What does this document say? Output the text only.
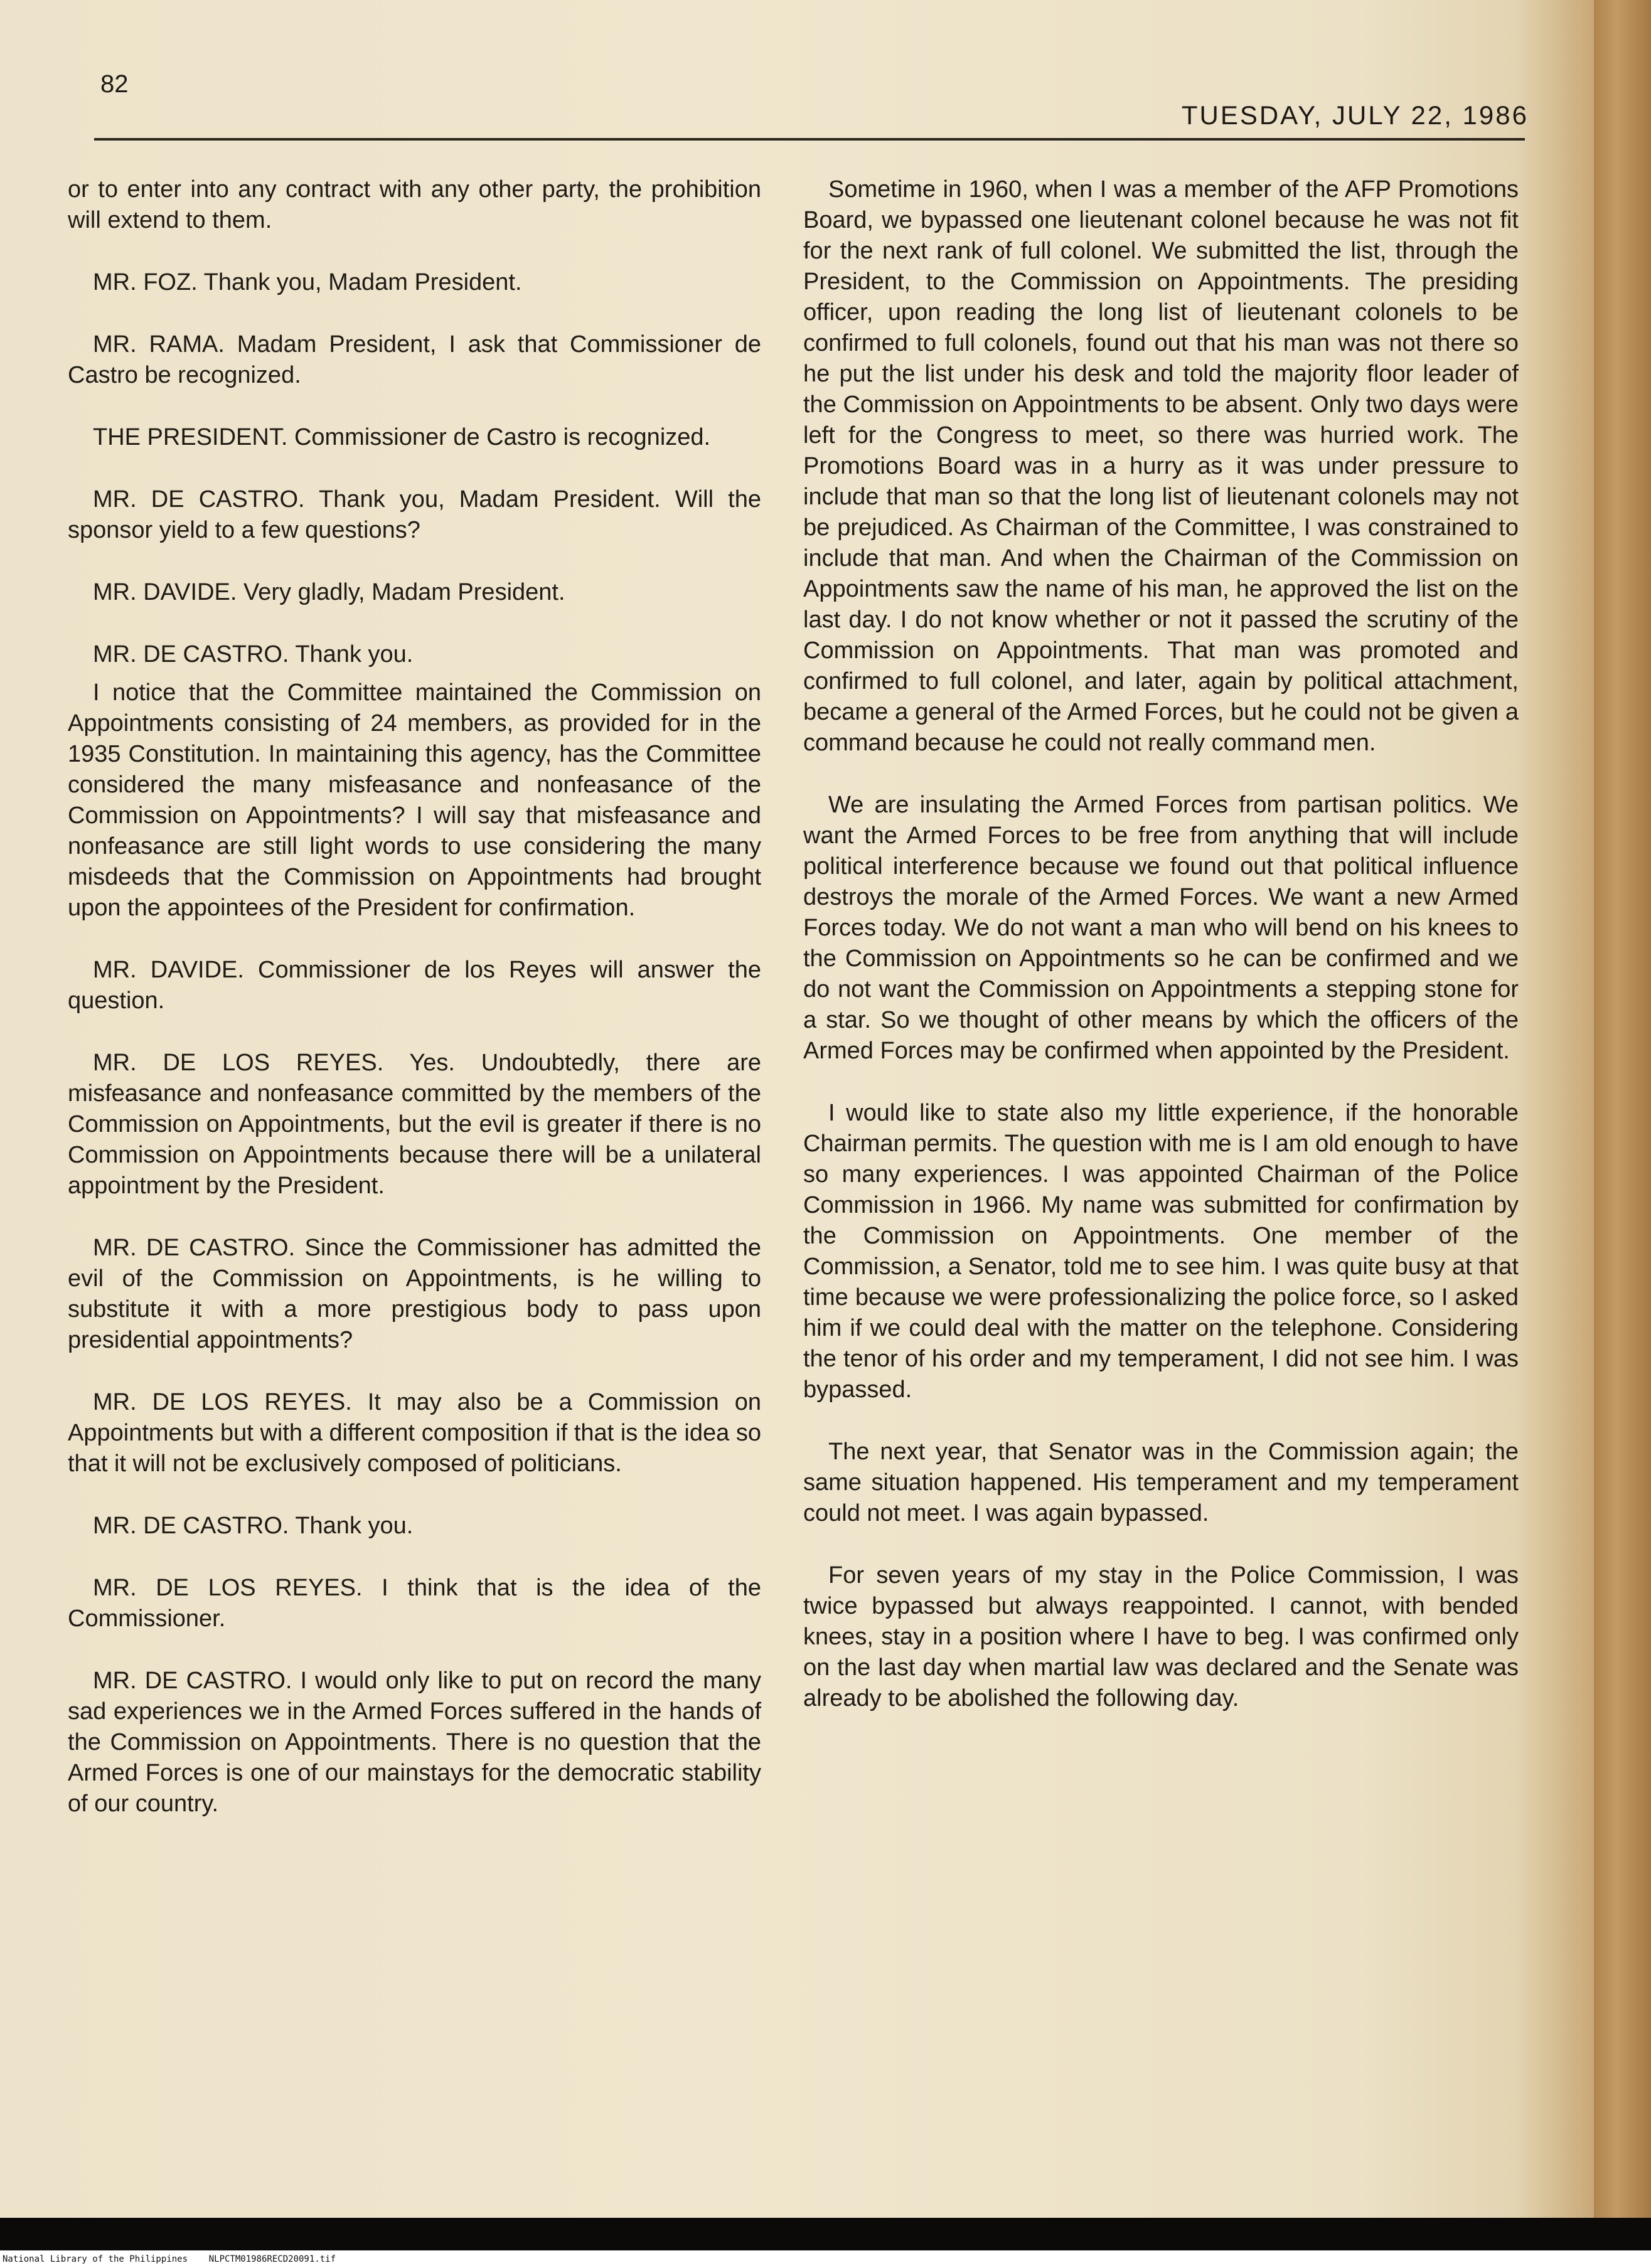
82
TUESDAY, JULY 22, 1986

or to enter into any contract with any other party, the prohibition will extend to them.

MR. FOZ. Thank you, Madam President.

MR. RAMA. Madam President, I ask that Commissioner de Castro be recognized.

THE PRESIDENT. Commissioner de Castro is recognized.

MR. DE CASTRO. Thank you, Madam President. Will the sponsor yield to a few questions?

MR. DAVIDE. Very gladly, Madam President.

MR. DE CASTRO. Thank you.

I notice that the Committee maintained the Commission on Appointments consisting of 24 members, as provided for in the 1935 Constitution. In maintaining this agency, has the Committee considered the many misfeasance and nonfeasance of the Commission on Appointments? I will say that misfeasance and nonfeasance are still light words to use considering the many misdeeds that the Commission on Appointments had brought upon the appointees of the President for confirmation.

MR. DAVIDE. Commissioner de los Reyes will answer the question.

MR. DE LOS REYES. Yes. Undoubtedly, there are misfeasance and nonfeasance committed by the members of the Commission on Appointments, but the evil is greater if there is no Commission on Appointments because there will be a unilateral appointment by the President.

MR. DE CASTRO. Since the Commissioner has admitted the evil of the Commission on Appointments, is he willing to substitute it with a more prestigious body to pass upon presidential appointments?

MR. DE LOS REYES. It may also be a Commission on Appointments but with a different composition if that is the idea so that it will not be exclusively composed of politicians.

MR. DE CASTRO. Thank you.

MR. DE LOS REYES. I think that is the idea of the Commissioner.

MR. DE CASTRO. I would only like to put on record the many sad experiences we in the Armed Forces suffered in the hands of the Commission on Appointments. There is no question that the Armed Forces is one of our mainstays for the democratic stability of our country.

Sometime in 1960, when I was a member of the AFP Promotions Board, we bypassed one lieutenant colonel because he was not fit for the next rank of full colonel. We submitted the list, through the President, to the Commission on Appointments. The presiding officer, upon reading the long list of lieutenant colonels to be confirmed to full colonels, found out that his man was not there so he put the list under his desk and told the majority floor leader of the Commission on Appointments to be absent. Only two days were left for the Congress to meet, so there was hurried work. The Promotions Board was in a hurry as it was under pressure to include that man so that the long list of lieutenant colonels may not be prejudiced. As Chairman of the Committee, I was constrained to include that man. And when the Chairman of the Commission on Appointments saw the name of his man, he approved the list on the last day. I do not know whether or not it passed the scrutiny of the Commission on Appointments. That man was promoted and confirmed to full colonel, and later, again by political attachment, became a general of the Armed Forces, but he could not be given a command because he could not really command men.

We are insulating the Armed Forces from partisan politics. We want the Armed Forces to be free from anything that will include political interference because we found out that political influence destroys the morale of the Armed Forces. We want a new Armed Forces today. We do not want a man who will bend on his knees to the Commission on Appointments so he can be confirmed and we do not want the Commission on Appointments a stepping stone for a star. So we thought of other means by which the officers of the Armed Forces may be confirmed when appointed by the President.

I would like to state also my little experience, if the honorable Chairman permits. The question with me is I am old enough to have so many experiences. I was appointed Chairman of the Police Commission in 1966. My name was submitted for confirmation by the Commission on Appointments. One member of the Commission, a Senator, told me to see him. I was quite busy at that time because we were professionalizing the police force, so I asked him if we could deal with the matter on the telephone. Considering the tenor of his order and my temperament, I did not see him. I was bypassed.

The next year, that Senator was in the Commission again; the same situation happened. His temperament and my temperament could not meet. I was again bypassed.

For seven years of my stay in the Police Commission, I was twice bypassed but always reappointed. I cannot, with bended knees, stay in a position where I have to beg. I was confirmed only on the last day when martial law was declared and the Senate was already to be abolished the following day.

National Library of the Philippines    NLPCTM01986RECD20091.tif
